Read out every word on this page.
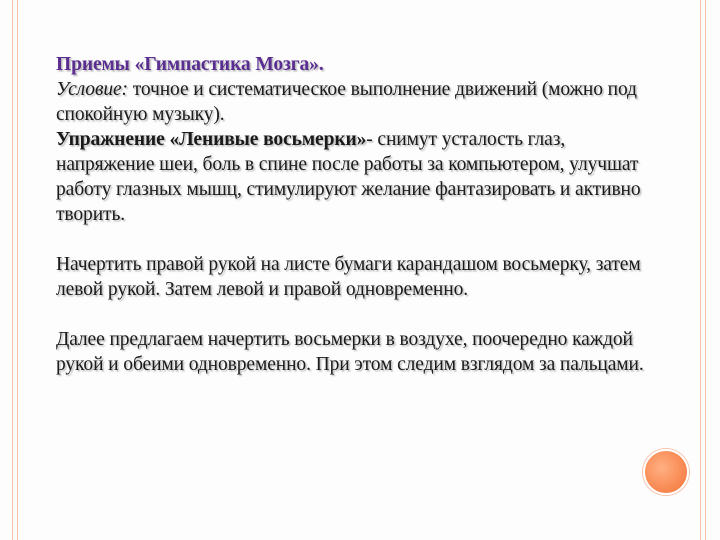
Приемы «Гимпастика Мозга».

Условие: точное и систематическое выполнение движений (можно под спокойную музыку).

Упражнение «Ленивые восьмерки»- снимут усталость глаз, напряжение шеи, боль в спине после работы за компьютером, улучшат работу глазных мышц, стимулируют желание фантазировать и активно творить.

Начертить правой рукой на листе бумаги карандашом восьмерку, затем левой рукой. Затем левой и правой одновременно.

Далее предлагаем начертить восьмерки в воздухе, поочередно каждой рукой и обеими одновременно. При этом следим взглядом за пальцами.
